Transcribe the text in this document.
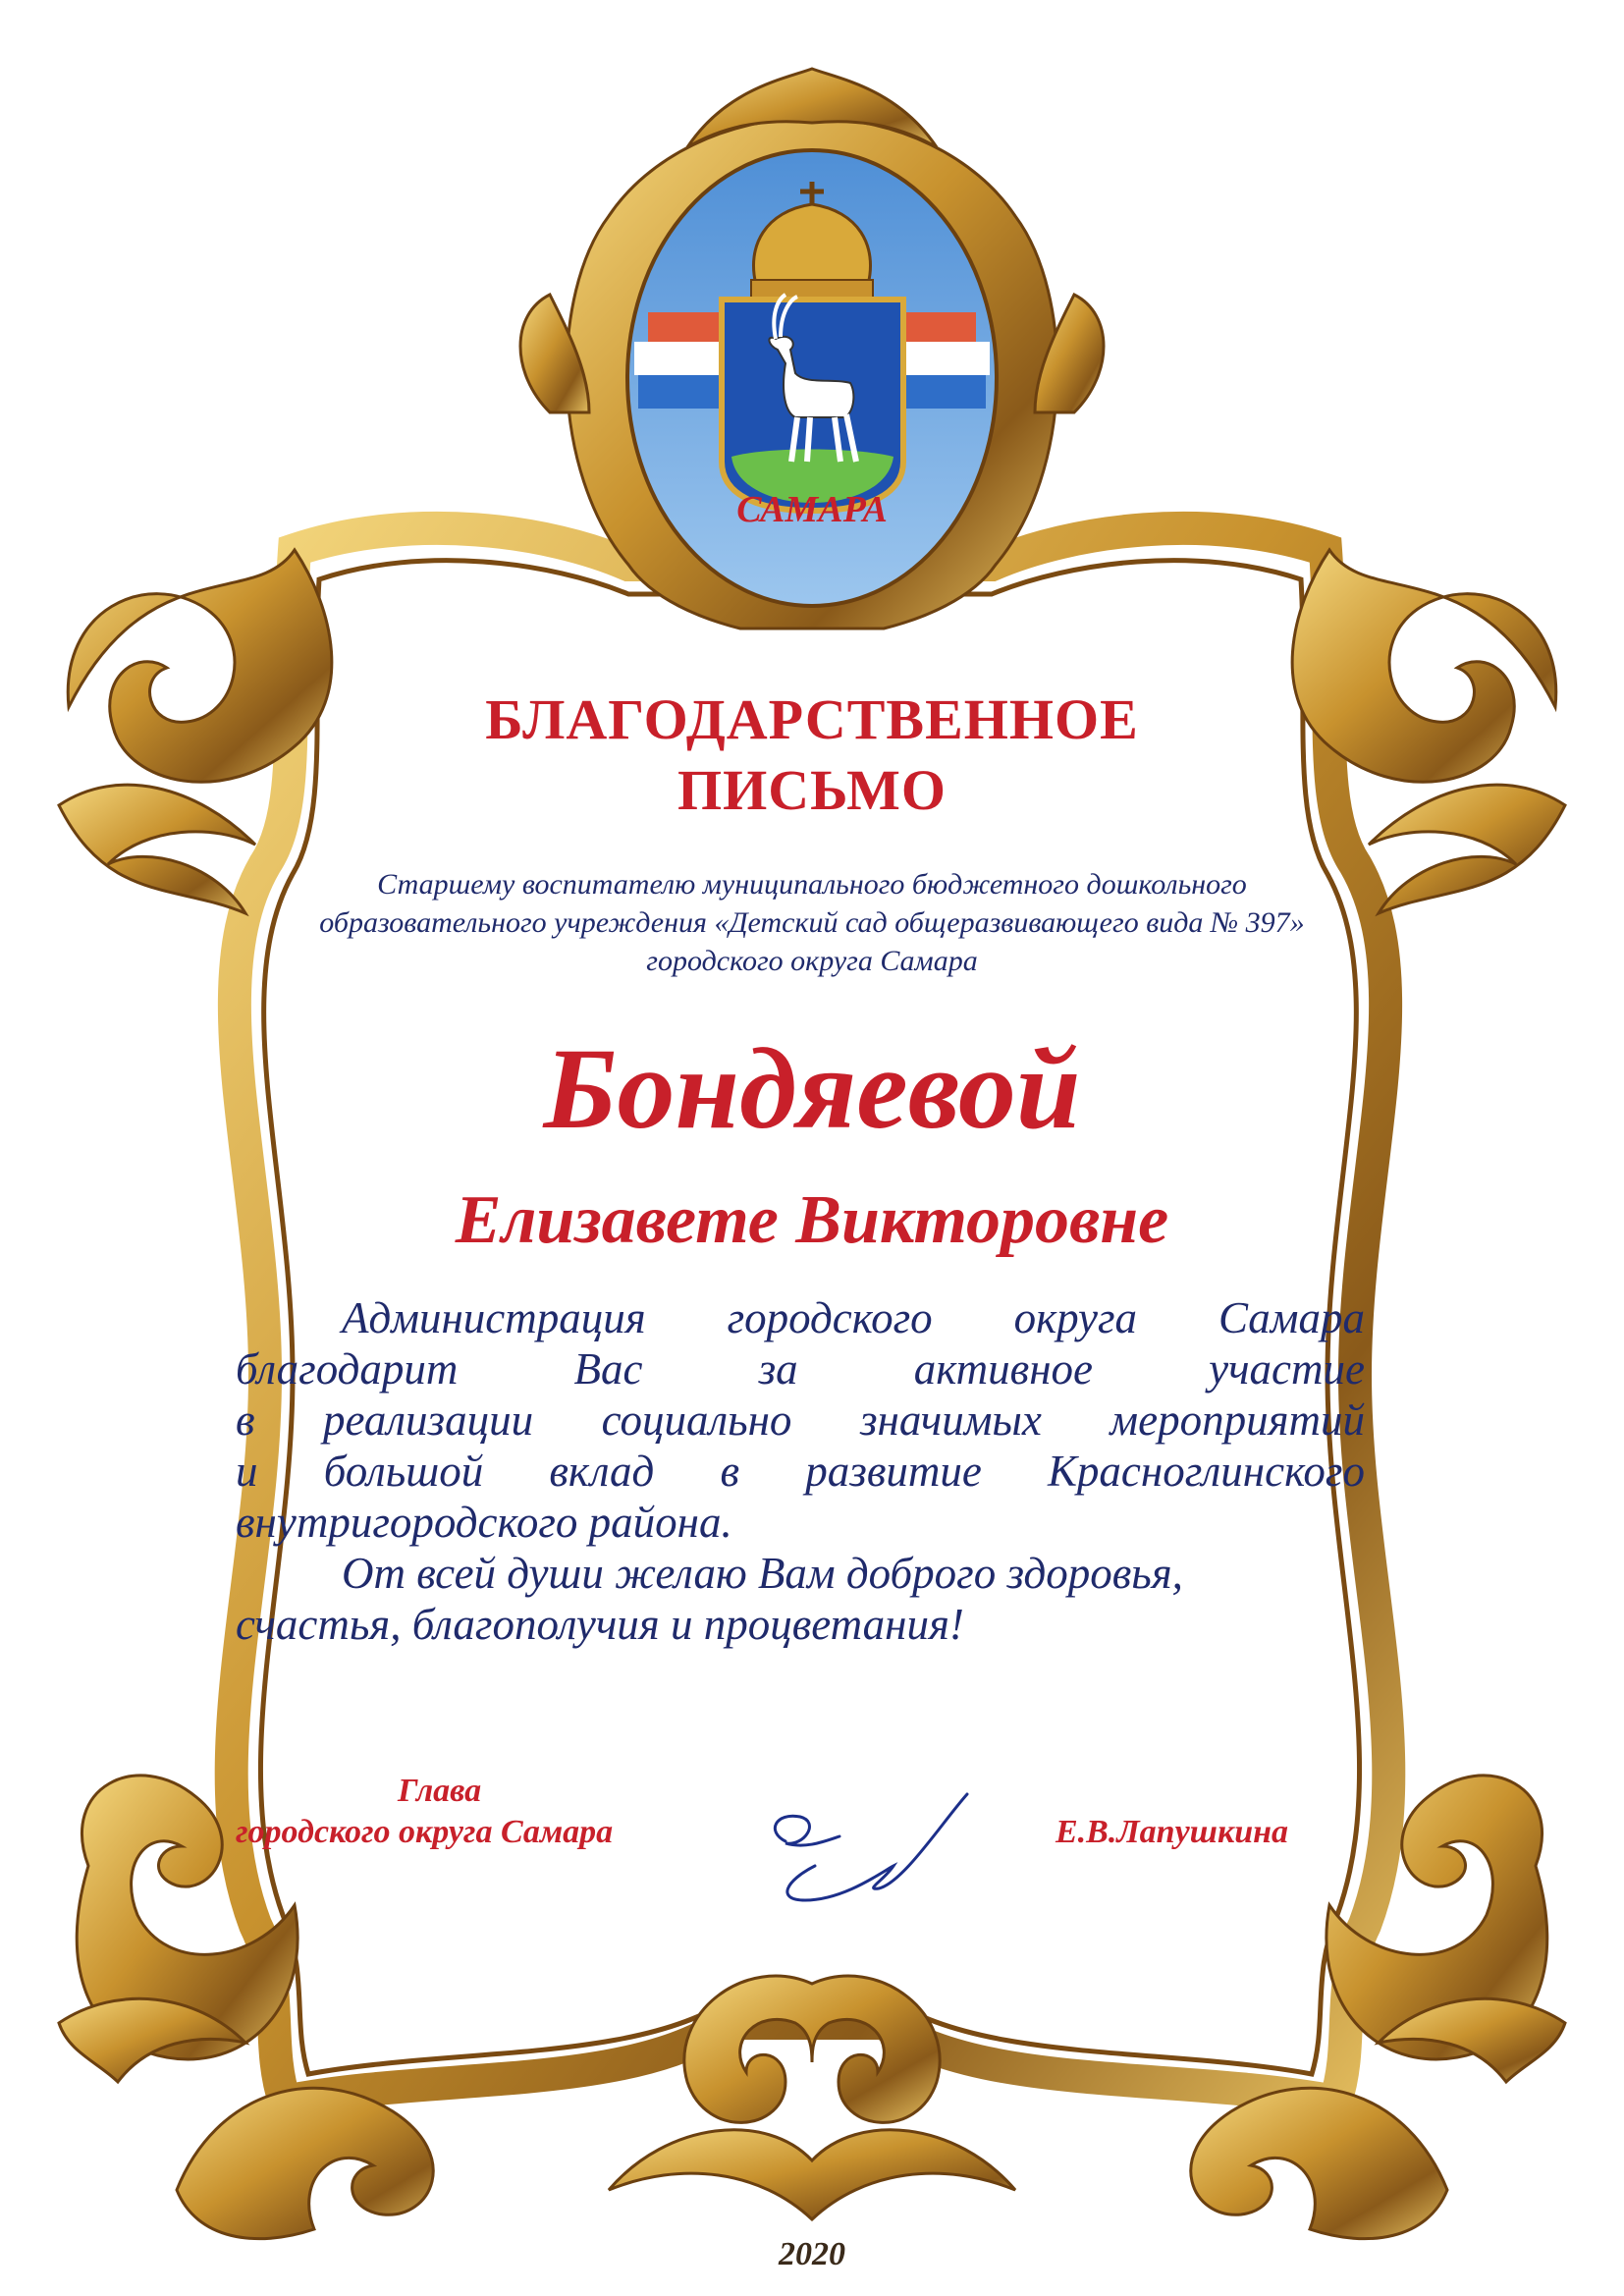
САМАРА
БЛАГОДАРСТВЕННОЕ
ПИСЬМО

Старшему воспитателю муниципального бюджетного дошкольного

образовательного учреждения «Детский сад общеразвивающего вида № 397»

городского округа Самара

Бондяевой
Елизавете Викторовне

Администрация городского округа Самара

благодарит Вас за активное участие

в реализации социально значимых мероприятий

и большой вклад в развитие Красноглинского

внутригородского района.

От всей души желаю Вам доброго здоровья,

счастья, благополучия и процветания!

Глава

городского округа Самара	Е.В.Лапушкина

2020
